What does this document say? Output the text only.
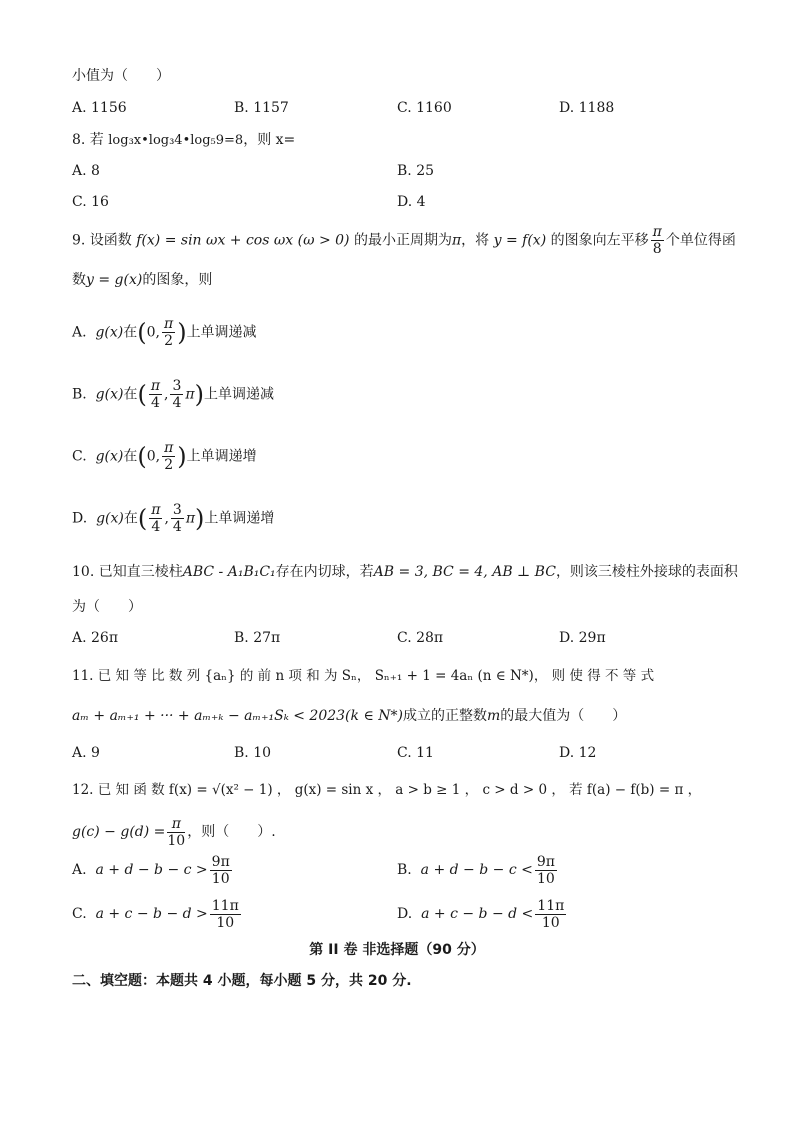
小值为（　　）
A. 1156	B. 1157	C. 1160	D. 1188
8. 若 log₃x•log₃4•log₅9=8，则 x=
A. 8	B. 25
C. 16	D. 4
9. 设函数 f(x) = sin ωx + cos ωx (ω > 0) 的最小正周期为π，将 y = f(x) 的图象向左平移 $\frac{\pi}{8}$ 个单位得函
数y = g(x)的图象，则
A. g(x)在(0, $\frac{\pi}{2}$ )上单调递减
B. g(x)在( $\frac{\pi}{4}$ , $\frac{3}{4} \pi$)上单调递减
C. g(x)在(0, $\frac{\pi}{2}$ )上单调递增
D. g(x)在( $\frac{\pi}{4}$ , $\frac{3}{4} \pi$)上单调递增
10. 已知直三棱柱ABC - A₁B₁C₁存在内切球，若AB = 3, BC = 4, AB ⊥ BC，则该三棱柱外接球的表面积
为（　　）
A. 26π	B. 27π	C. 28π	D. 29π
11. 已 知 等 比 数 列 {aₙ} 的 前 n 项 和 为 Sₙ， Sₙ₊₁ + 1 = 4aₙ (n ∈ N*)， 则 使 得 不 等 式
aₘ + aₘ₊₁ + ··· + aₘ₊ₖ − aₘ₊₁Sₖ < 2023(k ∈ N*)成立的正整数m的最大值为（　　）
A. 9	B. 10	C. 11	D. 12
12. 已 知 函 数 f(x) = √(x² − 1) ， g(x) = sin x ， a > b ≥ 1 ， c > d > 0 ， 若 f(a) − f(b) = π ，
$g(c) - g(d) = \frac{\pi}{10}$ ，则（　　）.
A. $a + d - b - c > \frac{9\pi}{10}$	B. $a + d - b - c < \frac{9\pi}{10}$
C. $a + c - b - d > \frac{11\pi}{10}$	D. $a + c - b - d < \frac{11\pi}{10}$
第 II 卷 非选择题（90 分）
二、填空题：本题共 4 小题，每小题 5 分，共 20 分.
